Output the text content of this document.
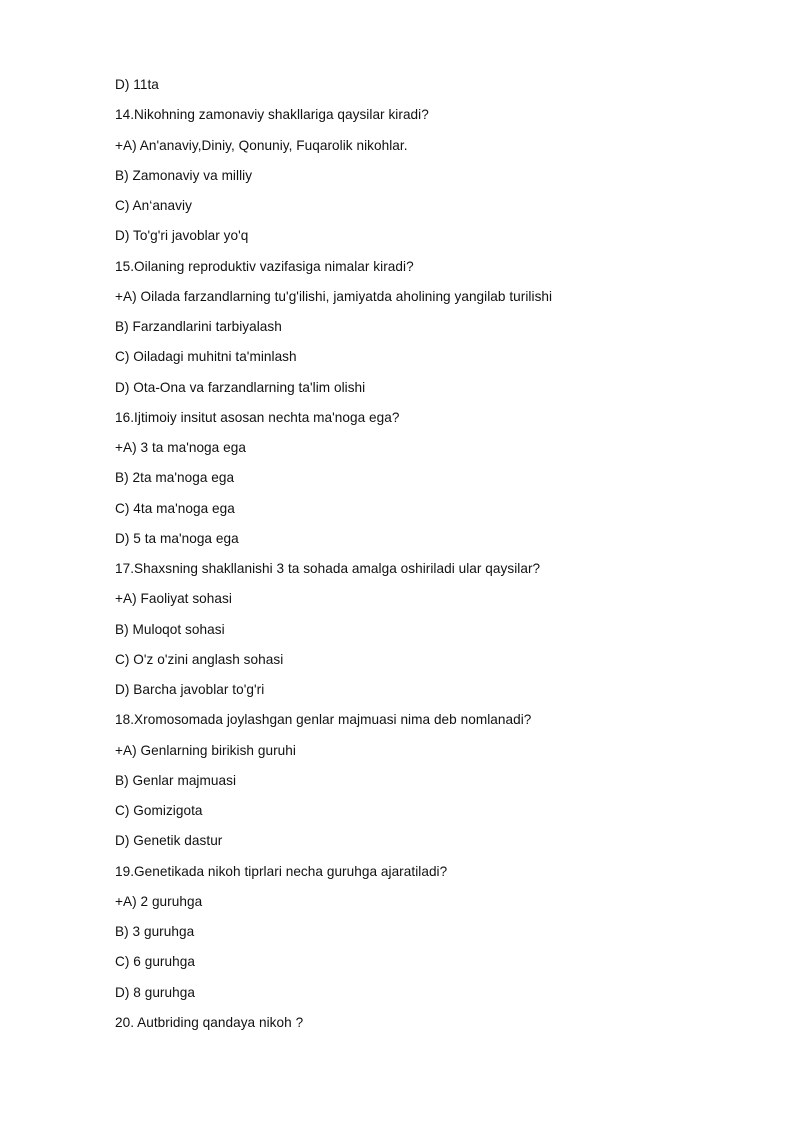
D) 11ta
14.Nikohning zamonaviy shakllariga qaysilar kiradi?
+A) An'anaviy,Diniy, Qonuniy, Fuqarolik nikohlar.
B) Zamonaviy va milliy
C) An‘anaviy
D) To'g'ri javoblar yo'q
15.Oilaning reproduktiv vazifasiga nimalar kiradi?
+A) Oilada farzandlarning tu'g'ilishi, jamiyatda aholining yangilab turilishi
B) Farzandlarini tarbiyalash
C) Oiladagi muhitni ta'minlash
D) Ota-Ona va farzandlarning ta'lim olishi
16.Ijtimoiy insitut asosan nechta ma'noga ega?
+A) 3 ta ma'noga ega
B) 2ta ma'noga ega
C) 4ta ma'noga ega
D) 5 ta ma'noga ega
17.Shaxsning shakllanishi 3 ta sohada amalga oshiriladi ular qaysilar?
+A) Faoliyat sohasi
B) Muloqot sohasi
C) O'z o'zini anglash sohasi
D) Barcha javoblar to'g'ri
18.Xromosomada joylashgan genlar majmuasi nima deb nomlanadi?
+A) Genlarning birikish guruhi
B) Genlar majmuasi
C) Gomizigota
D) Genetik dastur
19.Genetikada nikoh tiprlari necha guruhga ajaratiladi?
+A) 2 guruhga
B) 3 guruhga
C) 6 guruhga
D) 8 guruhga
20. Autbriding qandaya nikoh ?
